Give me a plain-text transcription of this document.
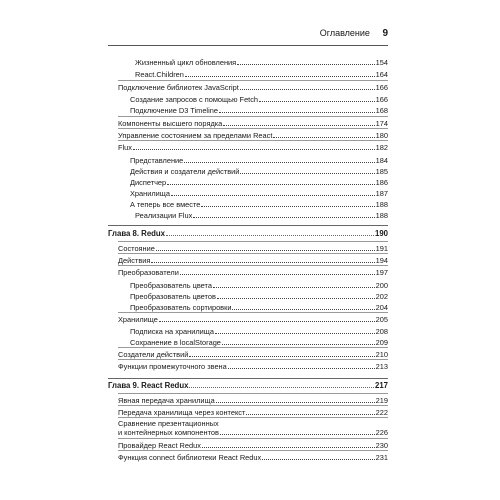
Оглавление 9
Жизненный цикл обновления	154
React.Children	164
Подключение библиотек JavaScript	166
Создание запросов с помощью Fetch	166
Подключение D3 Timeline	168
Компоненты высшего порядка	174
Управление состоянием за пределами React	180
Flux	182
Представление	184
Действия и создатели действий	185
Диспетчер	186
Хранилища	187
А теперь все вместе	188
Реализации Flux	188
Глава 8. Redux	190
Состояние	191
Действия	194
Преобразователи	197
Преобразователь цвета	200
Преобразователь цветов	202
Преобразователь сортировки	204
Хранилище	205
Подписка на хранилища	208
Сохранение в localStorage	209
Создатели действий	210
Функции промежуточного звена	213
Глава 9. React Redux	217
Явная передача хранилища	219
Передача хранилища через контекст	222
Сравнение презентационных
и контейнерных компонентов	226
Провайдер React Redux	230
Функция connect библиотеки React Redux	231
